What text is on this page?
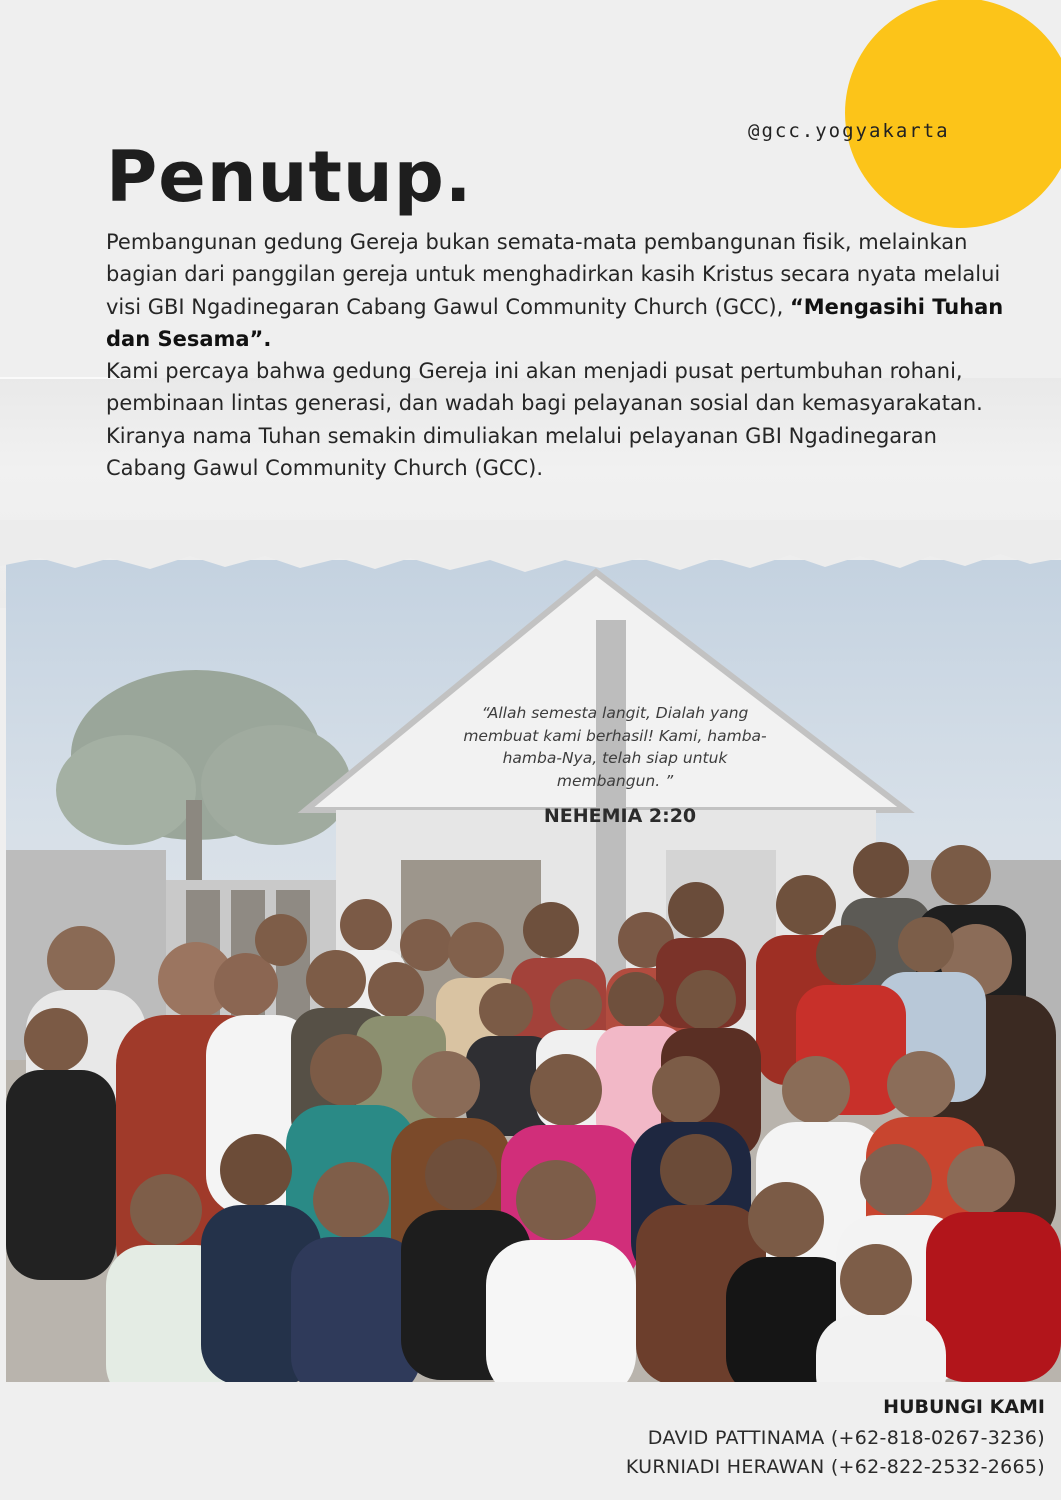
@gcc.yogyakarta
Penutup.

Pembangunan gedung Gereja bukan semata-mata pembangunan fisik, melainkan bagian dari panggilan gereja untuk menghadirkan kasih Kristus secara nyata melalui visi GBI Ngadinegaran Cabang Gawul Community Church (GCC), “Mengasihi Tuhan dan Sesama”.

Kami percaya bahwa gedung Gereja ini akan menjadi pusat pertumbuhan rohani, pembinaan lintas generasi, dan wadah bagi pelayanan sosial dan kemasyarakatan.

Kiranya nama Tuhan semakin dimuliakan melalui pelayanan GBI Ngadinegaran Cabang Gawul Community Church (GCC).

“Allah semesta langit, Dialah yang membuat kami berhasil! Kami, hamba-hamba-Nya, telah siap untuk membangun. ”
NEHEMIA 2:20
HUBUNGI KAMI
DAVID PATTINAMA (+62-818-0267-3236)
KURNIADI HERAWAN (+62-822-2532-2665)
